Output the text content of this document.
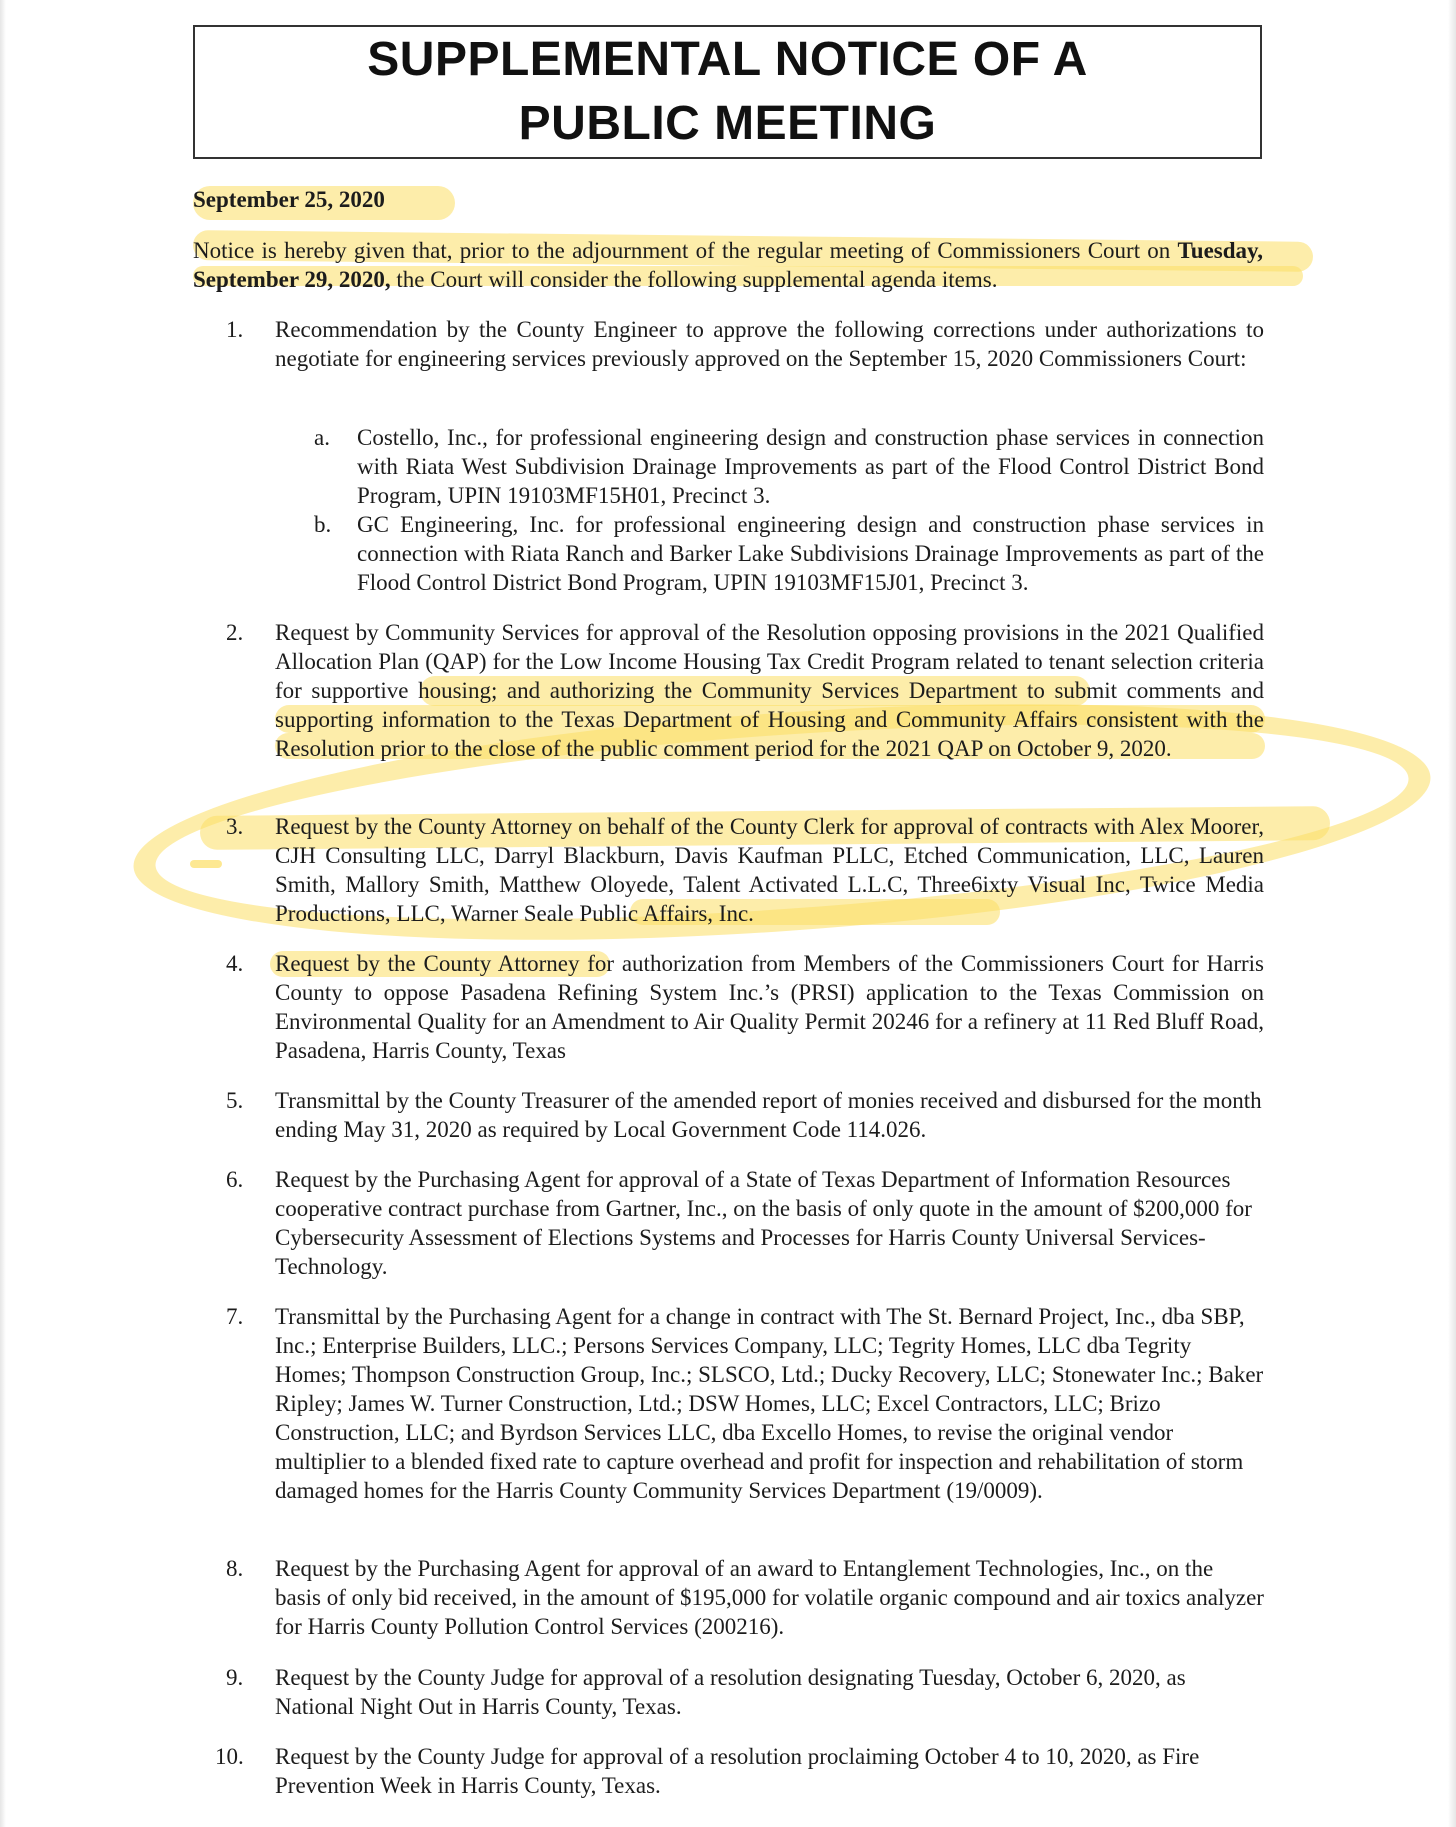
SUPPLEMENTAL NOTICE OF A
PUBLIC MEETING
September 25, 2020
Notice is hereby given that, prior to the adjournment of the regular meeting of Commissioners Court on Tuesday, September 29, 2020, the Court will consider the following supplemental agenda items.
1.	Recommendation by the County Engineer to approve the following corrections under authorizations to negotiate for engineering services previously approved on the September 15, 2020 Commissioners Court:
a. Costello, Inc., for professional engineering design and construction phase services in connection with Riata West Subdivision Drainage Improvements as part of the Flood Control District Bond Program, UPIN 19103MF15H01, Precinct 3.
b. GC Engineering, Inc. for professional engineering design and construction phase services in connection with Riata Ranch and Barker Lake Subdivisions Drainage Improvements as part of the Flood Control District Bond Program, UPIN 19103MF15J01, Precinct 3.
2.	Request by Community Services for approval of the Resolution opposing provisions in the 2021 Qualified Allocation Plan (QAP) for the Low Income Housing Tax Credit Program related to tenant selection criteria for supportive housing; and authorizing the Community Services Department to submit comments and supporting information to the Texas Department of Housing and Community Affairs consistent with the Resolution prior to the close of the public comment period for the 2021 QAP on October 9, 2020.
3.	Request by the County Attorney on behalf of the County Clerk for approval of contracts with Alex Moorer, CJH Consulting LLC, Darryl Blackburn, Davis Kaufman PLLC, Etched Communication, LLC, Lauren Smith, Mallory Smith, Matthew Oloyede, Talent Activated L.L.C, Three6ixty Visual Inc, Twice Media Productions, LLC, Warner Seale Public Affairs, Inc.
4.	Request by the County Attorney for authorization from Members of the Commissioners Court for Harris County to oppose Pasadena Refining System Inc.’s (PRSI) application to the Texas Commission on Environmental Quality for an Amendment to Air Quality Permit 20246 for a refinery at 11 Red Bluff Road, Pasadena, Harris County, Texas
5.	Transmittal by the County Treasurer of the amended report of monies received and disbursed for the month ending May 31, 2020 as required by Local Government Code 114.026.
6.	Request by the Purchasing Agent for approval of a State of Texas Department of Information Resources cooperative contract purchase from Gartner, Inc., on the basis of only quote in the amount of $200,000 for Cybersecurity Assessment of Elections Systems and Processes for Harris County Universal Services-Technology.
7.	Transmittal by the Purchasing Agent for a change in contract with The St. Bernard Project, Inc., dba SBP, Inc.; Enterprise Builders, LLC.; Persons Services Company, LLC; Tegrity Homes, LLC dba Tegrity Homes; Thompson Construction Group, Inc.; SLSCO, Ltd.; Ducky Recovery, LLC; Stonewater Inc.; Baker Ripley; James W. Turner Construction, Ltd.; DSW Homes, LLC; Excel Contractors, LLC; Brizo Construction, LLC; and Byrdson Services LLC, dba Excello Homes, to revise the original vendor multiplier to a blended fixed rate to capture overhead and profit for inspection and rehabilitation of storm damaged homes for the Harris County Community Services Department (19/0009).
8.	Request by the Purchasing Agent for approval of an award to Entanglement Technologies, Inc., on the basis of only bid received, in the amount of $195,000 for volatile organic compound and air toxics analyzer for Harris County Pollution Control Services (200216).
9.	Request by the County Judge for approval of a resolution designating Tuesday, October 6, 2020, as National Night Out in Harris County, Texas.
10.	Request by the County Judge for approval of a resolution proclaiming October 4 to 10, 2020, as Fire Prevention Week in Harris County, Texas.
